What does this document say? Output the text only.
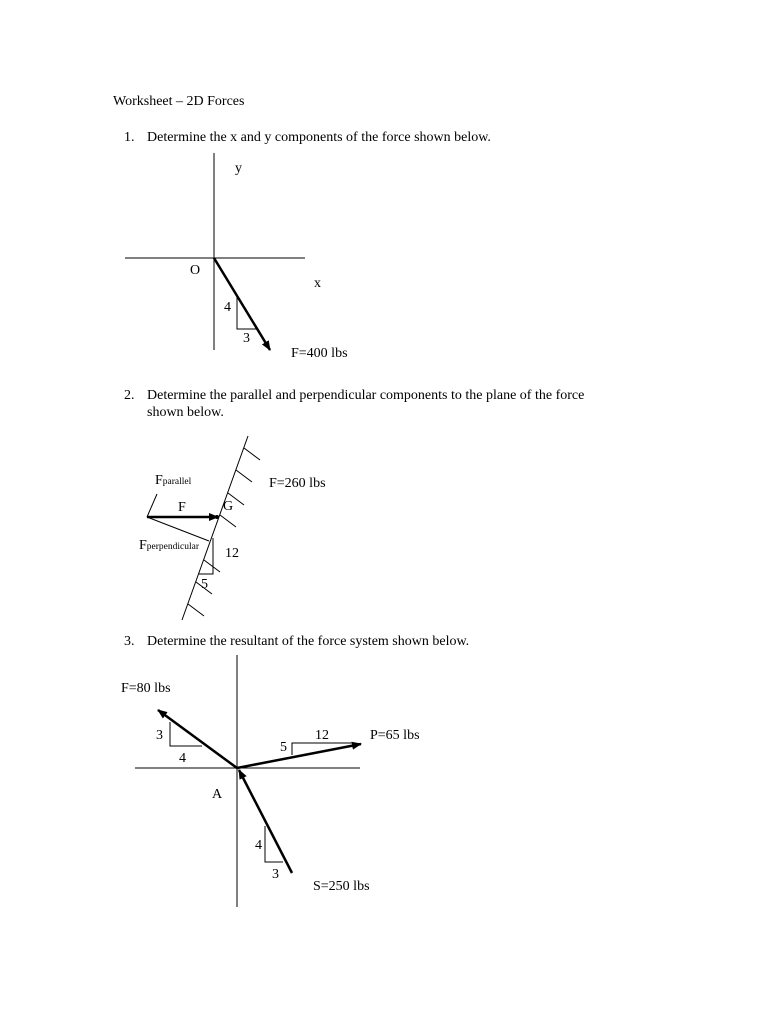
Worksheet – 2D Forces
1. Determine the x and y components of the force shown below.
y
O
x
4
3
F=400 lbs
2. Determine the parallel and perpendicular components to the plane of the force
shown below.
Fparallel	F=260 lbs
F	G
Fperpendicular 12
5
3. Determine the resultant of the force system shown below.
F=80 lbs
3
4
12
5
P=65 lbs
A
4
3
S=250 lbs
